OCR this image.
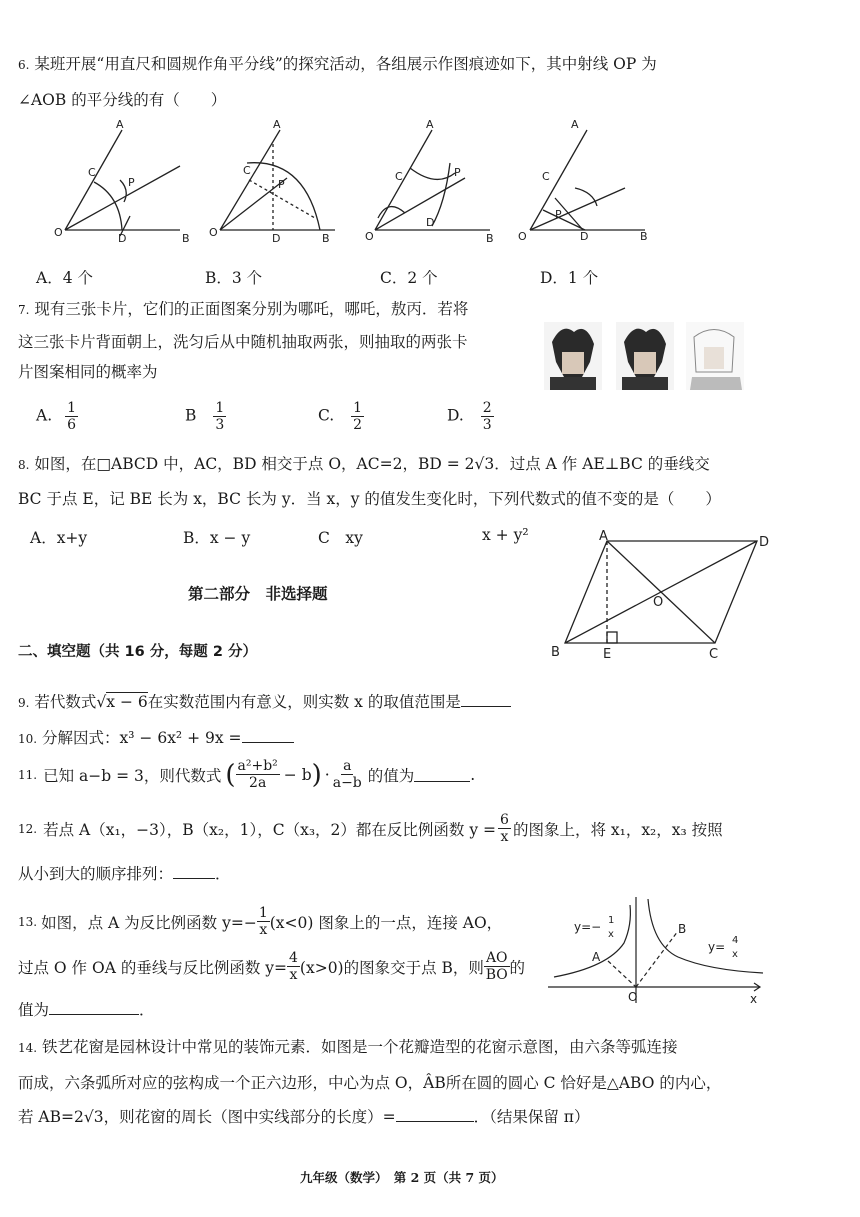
6. 某班开展“用直尺和圆规作角平分线”的探究活动，各组展示作图痕迹如下，其中射线 OP 为
∠AOB 的平分线的有（　　）
A
C
P
O	D	B
A
C
P
O	D	B
A
C	P
O
D
B
A
C
P
O	D	B
A．4 个	B．3 个	C．2 个	D．1 个
7. 现有三张卡片，它们的正面图案分别为哪吒，哪吒，敖丙．若将
这三张卡片背面朝上，洗匀后从中随机抽取两张，则抽取的两张卡
片图案相同的概率为
A. $\frac{1}{6}$	B $\frac{1}{3}$	C. $\frac{1}{2}$	D. $\frac{2}{3}$
8. 如图，在□ABCD 中，AC，BD 相交于点 O，AC=2，BD = 2√3．过点 A 作 AE⊥BC 的垂线交
BC 于点 E，记 BE 长为 x，BC 长为 y．当 x，y 的值发生变化时，下列代数式的值不变的是（　　）
A．x+y	B．x − y	C　xy	x + y²	A	D
O
B	E	C
第二部分　非选择题
二、填空题（共 16 分，每题 2 分）
9. 若代数式√x − 6在实数范围内有意义，则实数 x 的取值范围是
10. 分解因式：x³ − 6x² + 9x =
11. 已知 a−b = 3，则代数式 ( $\frac{\text{a²+b²}}{2a} - b$ ) · $\frac{a}{a-b}$ 的值为	.
12. 若点 A（x₁，−3），B（x₂，1），C（x₃，2）都在反比例函数 $y = \frac{6}{x}$ 的图象上，将 x₁，x₂，x₃ 按照
从小到大的顺序排列：	．
13. 如图，点 A 为反比例函数 $y=- \frac{1}{x} (x<0)$ 图象上的一点，连接 AO，
过点 O 作 OA 的垂线与反比例函数 $y= \frac{4}{x} (x>0)$的图象交于点 B，则 $\frac{AO}{BO}$ 的
值为	．
y=− 1
x
A
B
y= 4
x
O	x
14. 铁艺花窗是园林设计中常见的装饰元素．如图是一个花瓣造型的花窗示意图，由六条等弧连接
而成，六条弧所对应的弦构成一个正六边形，中心为点 O，ÂB所在圆的圆心 C 恰好是△ABO 的内心，
若 AB=2√3，则花窗的周长（图中实线部分的长度）=	．（结果保留 π）
九年级（数学）　第 2 页（共 7 页）
